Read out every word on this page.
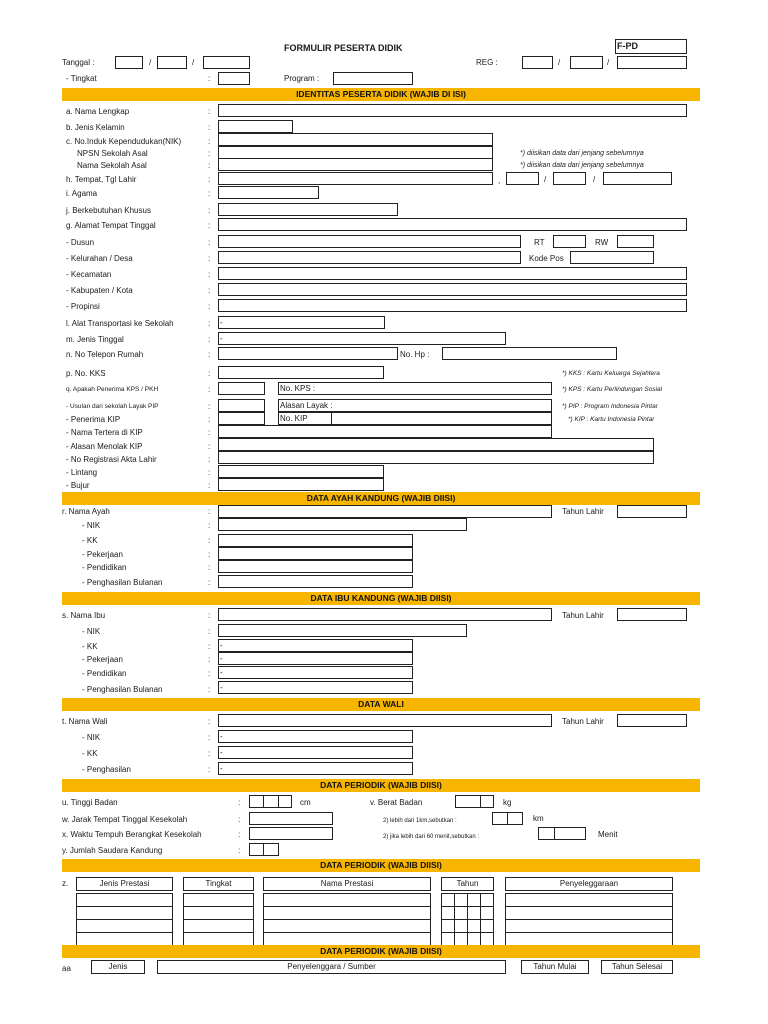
FORMULIR PESERTA DIDIK	F-PD
Tanggal :	/	/	REG :	/	/
- Tingkat	:	Program :
IDENTITAS PESERTA DIDIK (WAJIB DI ISI)
a. Nama Lengkap	:
b. Jenis Kelamin	:
c. No.Induk Kependudukan(NIK)	:
NPSN Sekolah Asal	:	*) diisikan data dari jenjang sebelumnya
Nama Sekolah Asal	:	*) diisikan data dari jenjang sebelumnya
h. Tempat, Tgl Lahir	:	,	/	/
i. Agama	:
j. Berkebutuhan Khusus	:
g. Alamat Tempat Tinggal	:
- Dusun	:	RT	RW
- Kelurahan / Desa	:	Kode Pos
- Kecamatan	:
- Kabupaten / Kota	:
- Propinsi	:
l. Alat Transportasi ke Sekolah	: -
m. Jenis Tinggal	: -
n. No Telepon Rumah	:	No. Hp :
p. No. KKS	:	*) KKS : Kartu Keluarga Sejahtera
q. Apakah Penerima KPS / PKH	:	No. KPS :	*) KPS : Kartu Perlindungan Sosial
- Usulan dari sekolah Layak PIP	:	Alasan Layak :	*) PIP : Program Indonesia Pintar
- Penerima KIP	:	No. KIP	*) KIP : Kartu Indonesia Pintar
- Nama Tertera di KIP	:
- Alasan Menolak KIP	:
- No Registrasi Akta Lahir	:
- Lintang	:
- Bujur	:
DATA AYAH KANDUNG (WAJIB DIISI)
r. Nama Ayah	:	Tahun Lahir
- NIK	:
- KK	:
- Pekerjaan	:
- Pendidikan	:
- Penghasilan Bulanan	:
DATA IBU KANDUNG (WAJIB DIISI)
s. Nama Ibu	:	Tahun Lahir
- NIK	:
- KK	: -
- Pekerjaan	: -
- Pendidikan	: -
- Penghasilan Bulanan	: -
DATA WALI
t. Nama Wali	:	Tahun Lahir
- NIK	: -
- KK	: -
- Penghasilan	: -
DATA PERIODIK (WAJIB DIISI)
u. Tinggi Badan	:	cm	v. Berat Badan	kg
w. Jarak Tempat Tinggal Kesekolah	:	2) lebih dari 1km,sebutkan :	km
x. Waktu Tempuh Berangkat Kesekolah	:	2) jika lebih dari 60 menit,sebutkan :	Menit
y. Jumlah Saudara Kandung	:
DATA PERIODIK (WAJIB DIISI)
z.	Jenis Prestasi	Tingkat	Nama Prestasi	Tahun	Penyeleggaraan
DATA PERIODIK (WAJIB DIISI)
aa	Jenis	Penyelenggara / Sumber	Tahun Mulai	Tahun Selesai
